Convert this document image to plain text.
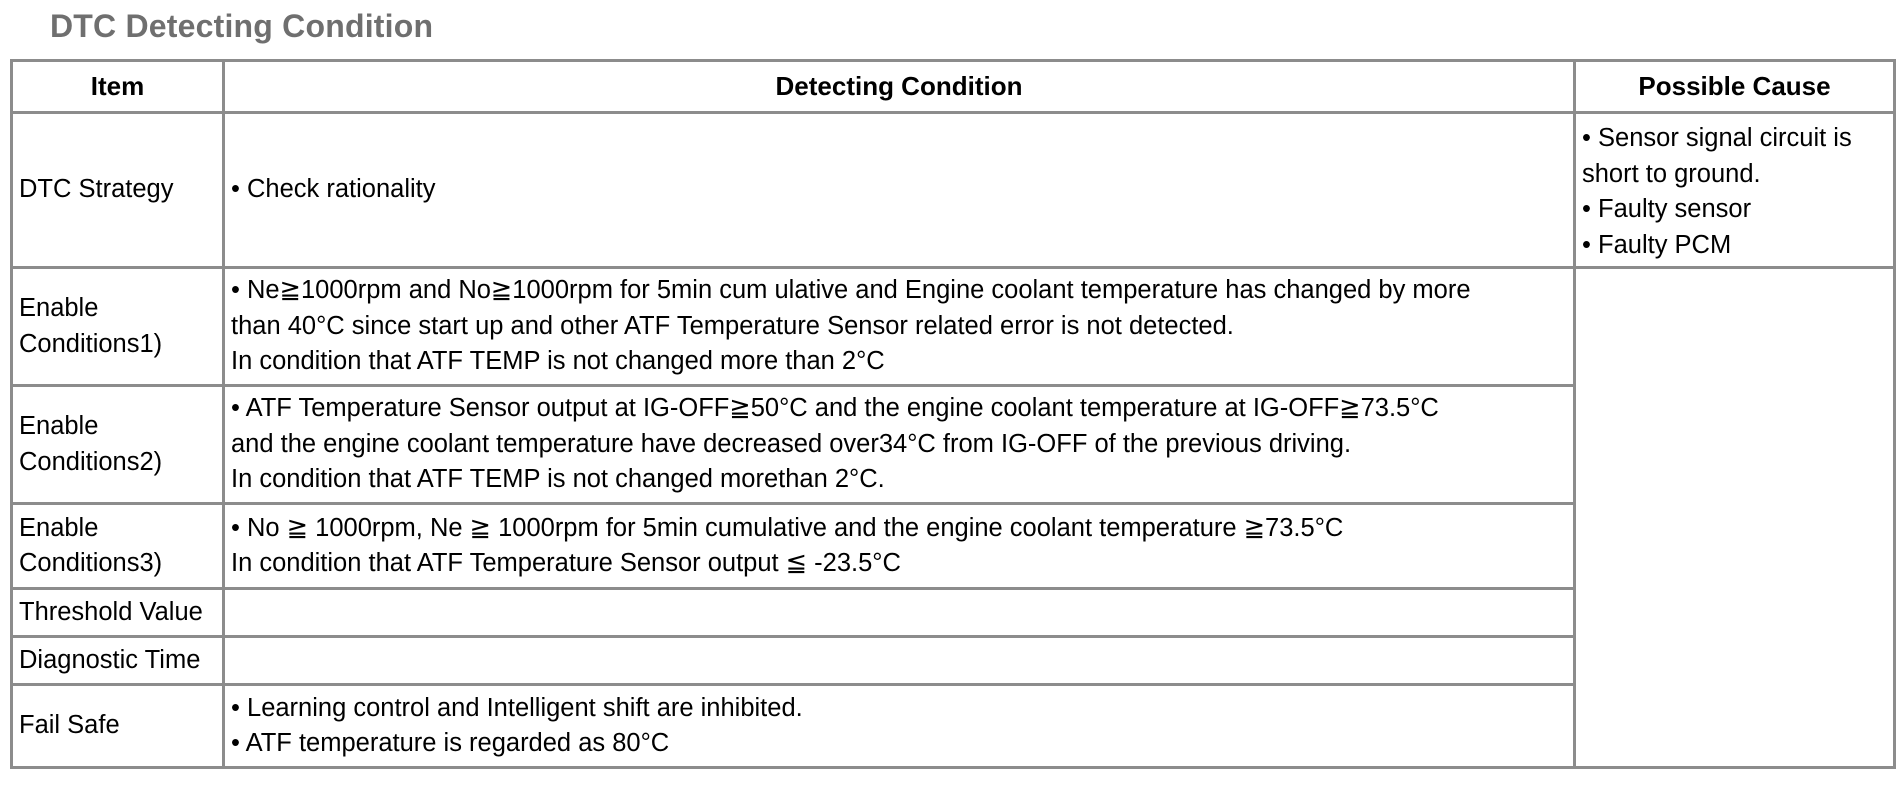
DTC Detecting Condition
Item	Detecting Condition	Possible Cause
DTC Strategy	• Check rationality	• Sensor signal circuit is short to ground.
• Faulty sensor
• Faulty PCM

Enable Conditions1)	• Ne≧1000rpm and No≧1000rpm for 5min cum ulative and Engine coolant temperature has changed by more
than 40°C since start up and other ATF Temperature Sensor related error is not detected.
In condition that ATF TEMP is not changed more than 2°C	

Enable Conditions2)	• ATF Temperature Sensor output at IG-OFF≧50°C and the engine coolant temperature at IG-OFF≧73.5°C
and the engine coolant temperature have decreased over34°C from IG-OFF of the previous driving.
In condition that ATF TEMP is not changed morethan 2°C.	

Enable Conditions3)	• No ≧ 1000rpm, Ne ≧ 1000rpm for 5min cumulative and the engine coolant temperature ≧73.5°C
In condition that ATF Temperature Sensor output ≦ -23.5°C	

Threshold Value		
Diagnostic Time		
Fail Safe	• Learning control and Intelligent shift are inhibited.
• ATF temperature is regarded as 80°C	
